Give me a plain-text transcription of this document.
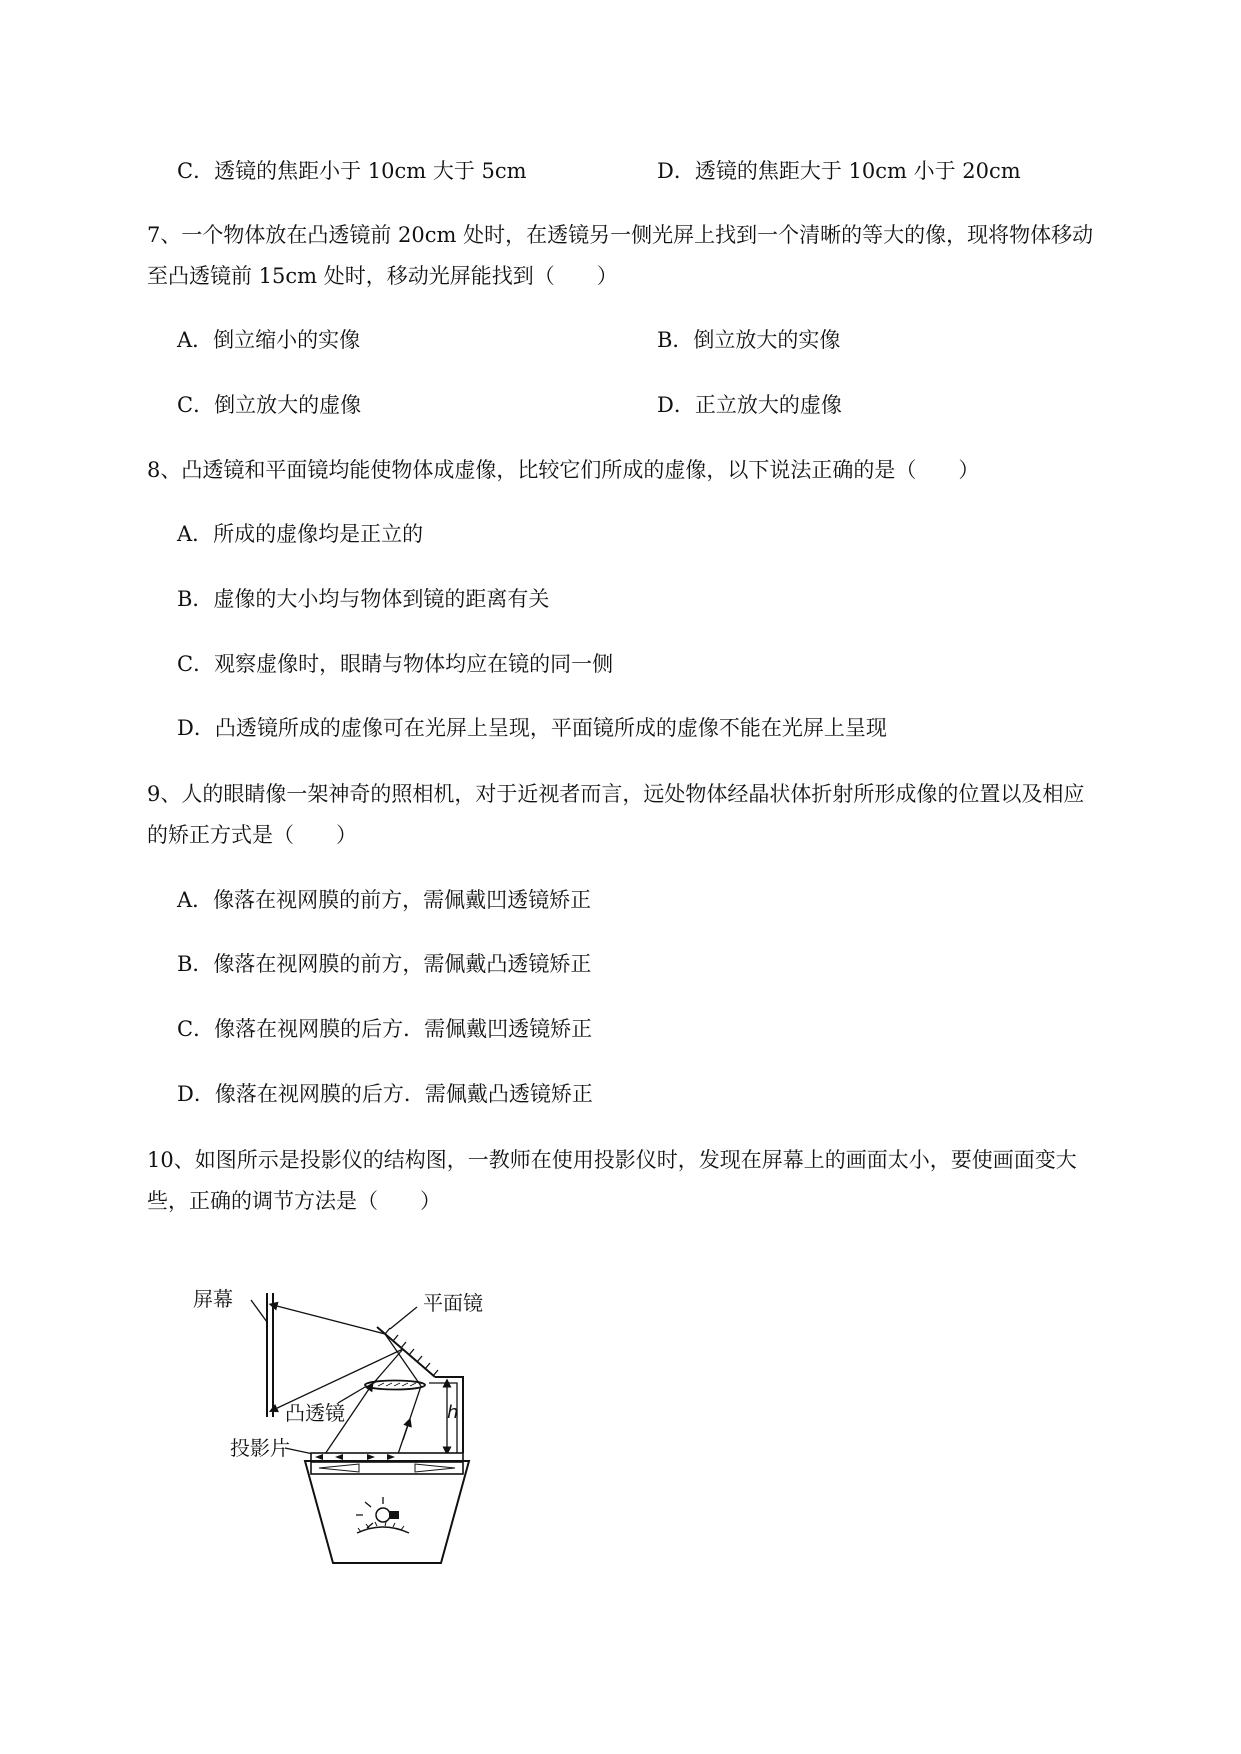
C．透镜的焦距小于 10cm 大于 5cm	D．透镜的焦距大于 10cm 小于 20cm
7、一个物体放在凸透镜前 20cm 处时，在透镜另一侧光屏上找到一个清晰的等大的像，现将物体移动
至凸透镜前 15cm 处时，移动光屏能找到（　　）
A．倒立缩小的实像	B．倒立放大的实像
C．倒立放大的虚像	D．正立放大的虚像
8、凸透镜和平面镜均能使物体成虚像，比较它们所成的虚像，以下说法正确的是（　　）
A．所成的虚像均是正立的
B．虚像的大小均与物体到镜的距离有关
C．观察虚像时，眼睛与物体均应在镜的同一侧
D．凸透镜所成的虚像可在光屏上呈现，平面镜所成的虚像不能在光屏上呈现
9、人的眼睛像一架神奇的照相机，对于近视者而言，远处物体经晶状体折射所形成像的位置以及相应
的矫正方式是（　　）
A．像落在视网膜的前方，需佩戴凹透镜矫正
B．像落在视网膜的前方，需佩戴凸透镜矫正
C．像落在视网膜的后方．需佩戴凹透镜矫正
D．像落在视网膜的后方．需佩戴凸透镜矫正
10、如图所示是投影仪的结构图，一教师在使用投影仪时，发现在屏幕上的画面太小，要使画面变大
些，正确的调节方法是（　　）
屏幕	平面镜
凸透镜	h
投影片
